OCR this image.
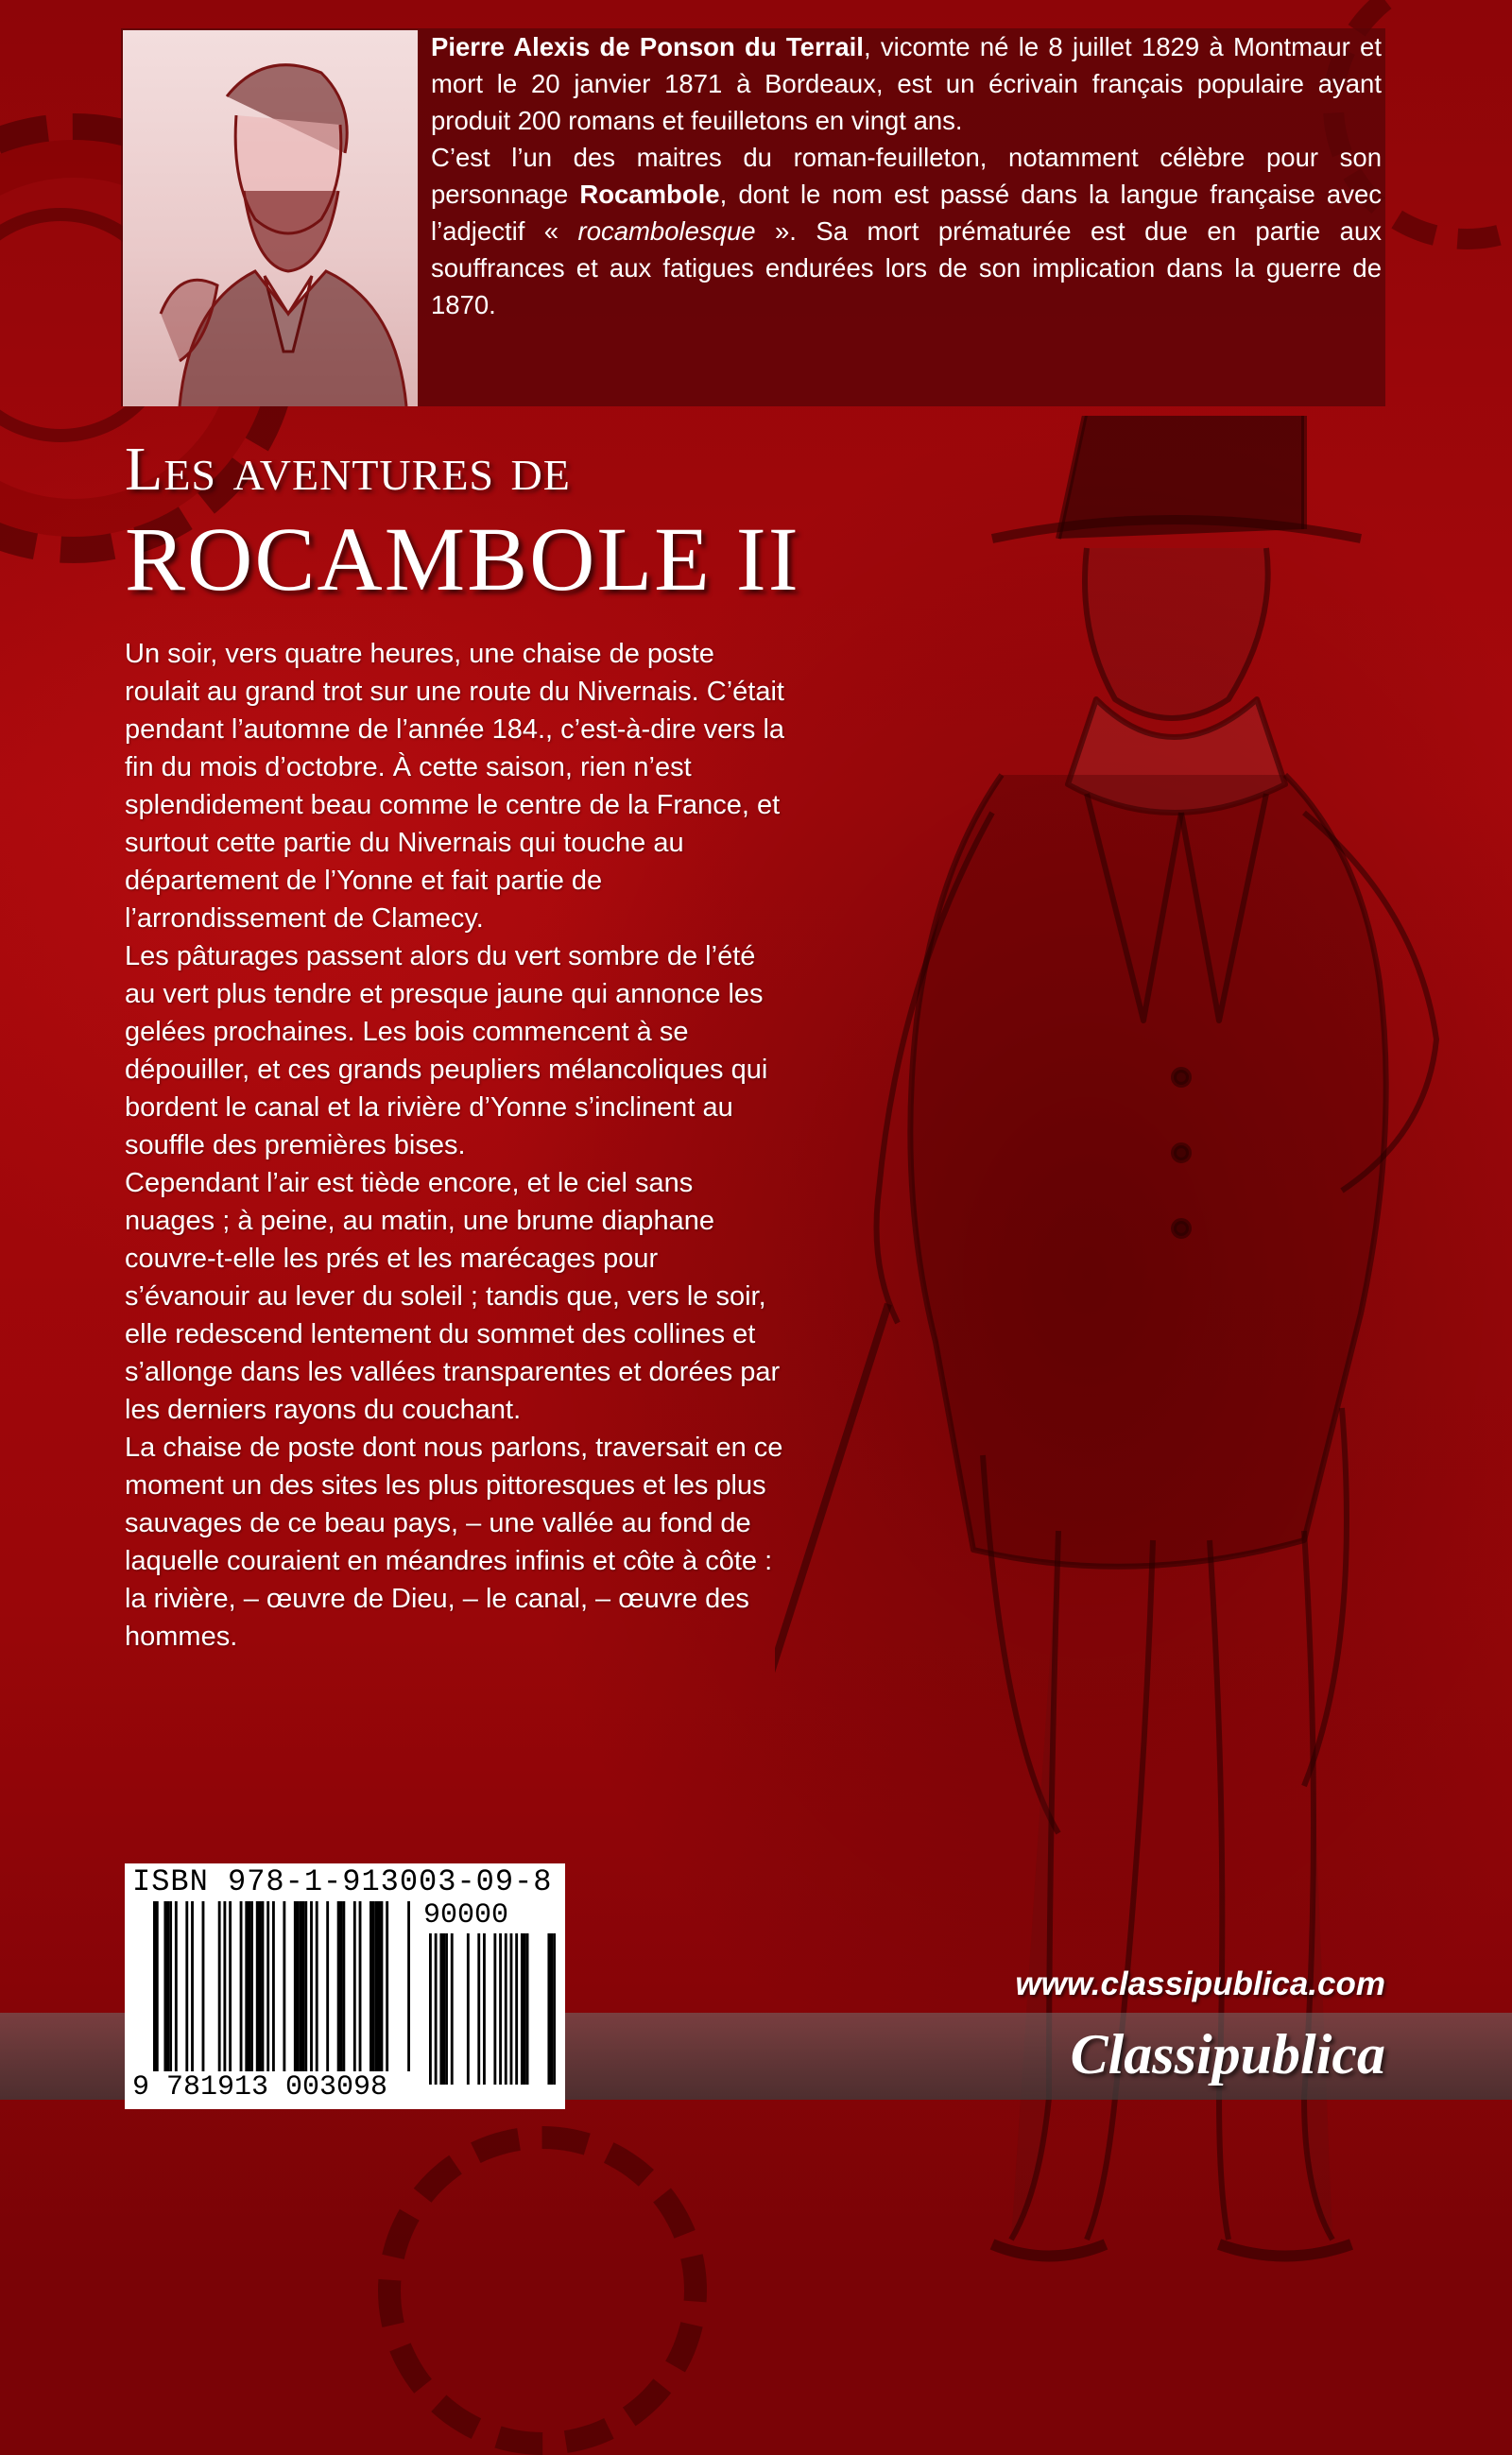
Pierre Alexis de Ponson du Terrail, vicomte né le 8 juillet 1829 à Montmaur et mort le 20 janvier 1871 à Bordeaux, est un écrivain français populaire ayant produit 200 romans et feuilletons en vingt ans.
C’est l’un des maitres du roman-feuilleton, notamment célèbre pour son personnage Rocambole, dont le nom est passé dans la langue française avec l’adjectif « rocambolesque ». Sa mort prématurée est due en partie aux souffrances et aux fatigues endurées lors de son implication dans la guerre de 1870.
Les aventures de
ROCAMBOLE II

Un soir, vers quatre heures, une chaise de poste roulait au grand trot sur une route du Nivernais. C’était pendant l’automne de l’année 184., c’est-à-dire vers la fin du mois d’octobre. À cette saison, rien n’est splendidement beau comme le centre de la France, et surtout cette partie du Nivernais qui touche au département de l’Yonne et fait partie de l’arrondissement de Clamecy.

Les pâturages passent alors du vert sombre de l’été au vert plus tendre et presque jaune qui annonce les gelées prochaines. Les bois commencent à se dépouiller, et ces grands peupliers mélancoliques qui bordent le canal et la rivière d’Yonne s’inclinent au souffle des premières bises.

Cependant l’air est tiède encore, et le ciel sans nuages ; à peine, au matin, une brume diaphane couvre-t-elle les prés et les marécages pour s’évanouir au lever du soleil ; tandis que, vers le soir, elle redescend lentement du sommet des collines et s’allonge dans les vallées transparentes et dorées par les derniers rayons du couchant.

La chaise de poste dont nous parlons, traversait en ce moment un des sites les plus pittoresques et les plus sauvages de ce beau pays, – une vallée au fond de laquelle couraient en méandres infinis et côte à côte : la rivière, – œuvre de Dieu, – le canal, – œuvre des hommes.

www.classipublica.com
Classipublica
ISBN 978-1-913003-09-8
90000
9 781913 003098
